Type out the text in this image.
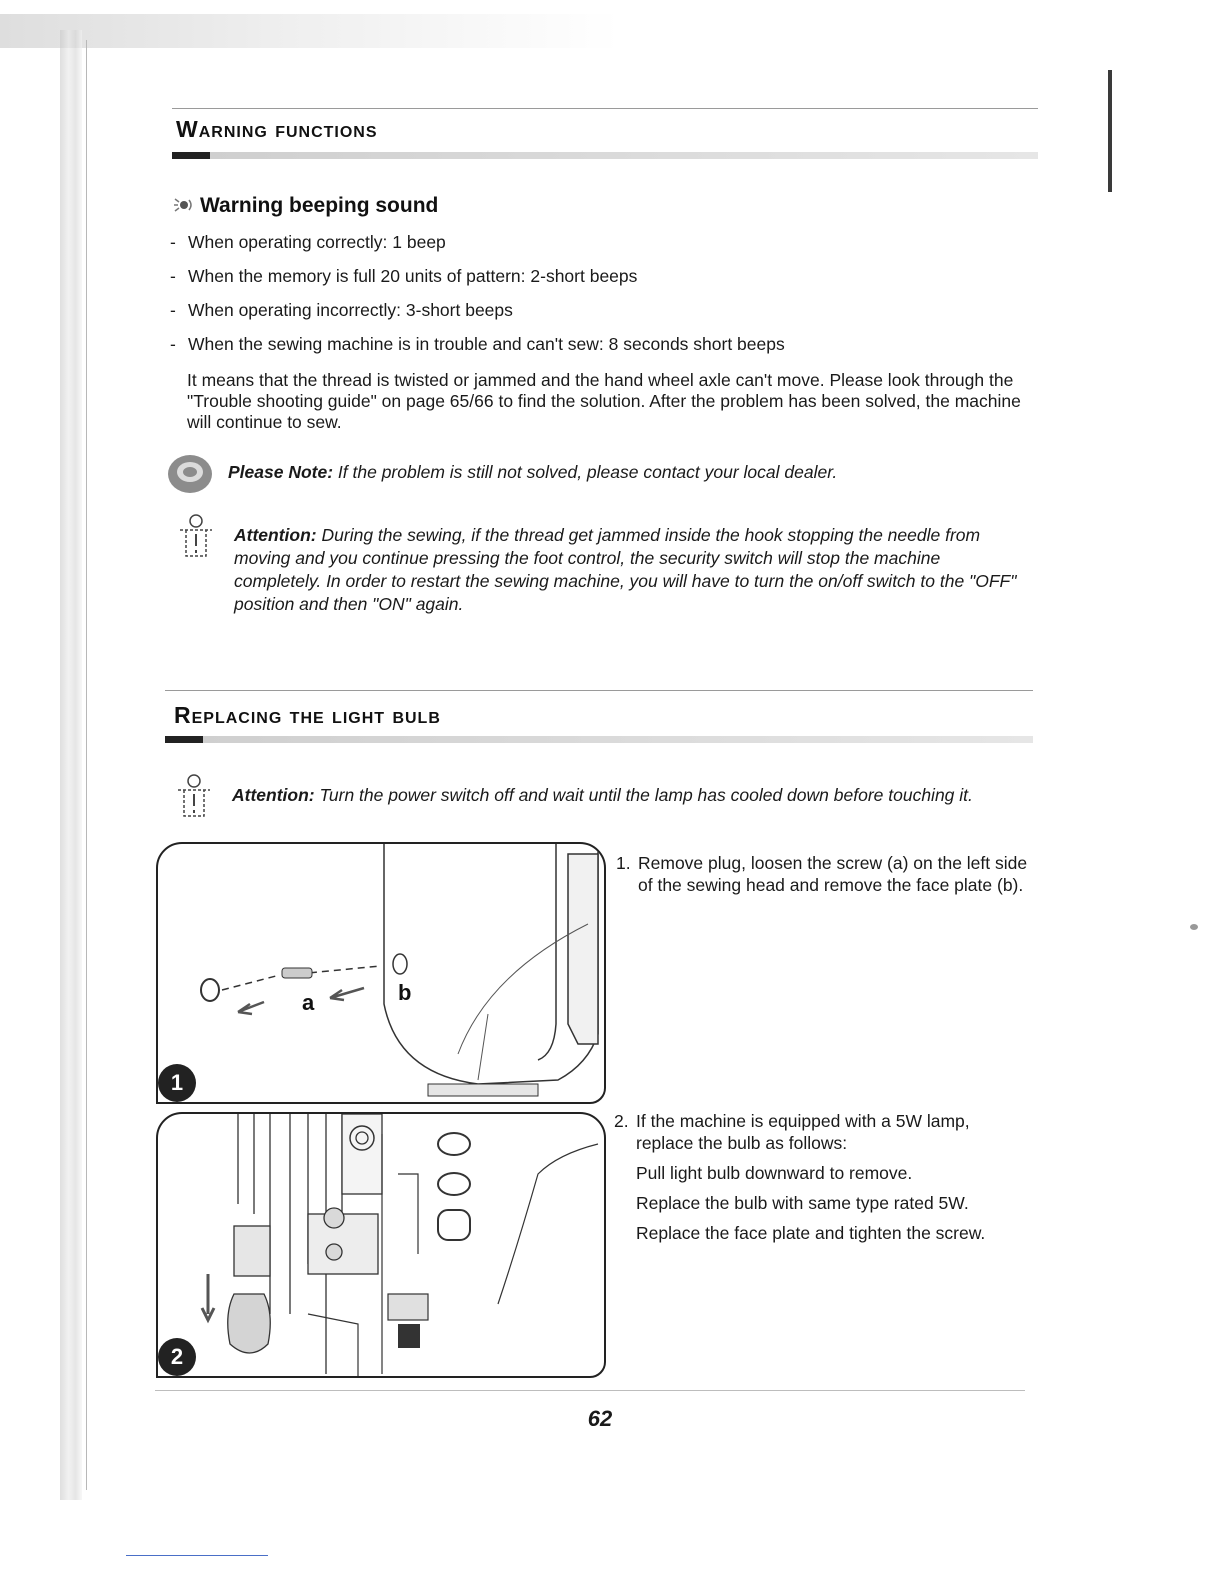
Warning functions
Warning beeping sound
- When operating correctly: 1 beep
- When the memory is full 20 units of pattern: 2-short beeps
- When operating incorrectly: 3-short beeps
- When the sewing machine is in trouble and can't sew: 8 seconds short beeps

It means that the thread is twisted or jammed and the hand wheel axle can't move. Please look through the "Trouble shooting guide" on page 65/66 to find the solution. After the problem has been solved, the machine will continue to sew.

Please Note: If the problem is still not solved, please contact your local dealer.

Attention: During the sewing, if the thread get jammed inside the hook stopping the needle from moving and you continue pressing the foot control, the security switch will stop the machine completely. In order to restart the sewing machine, you will have to turn the on/off switch to the "OFF" position and then "ON" again.

Replacing the light bulb

Attention: Turn the power switch off and wait until the lamp has cooled down before touching it.

a	b
1
2
1. Remove plug, loosen the screw (a) on the left side of the sewing head and remove the face plate (b).

2. If the machine is equipped with a 5W lamp, replace the bulb as follows:

Pull light bulb downward to remove.

Replace the bulb with same type rated 5W.

Replace the face plate and tighten the screw.

62
